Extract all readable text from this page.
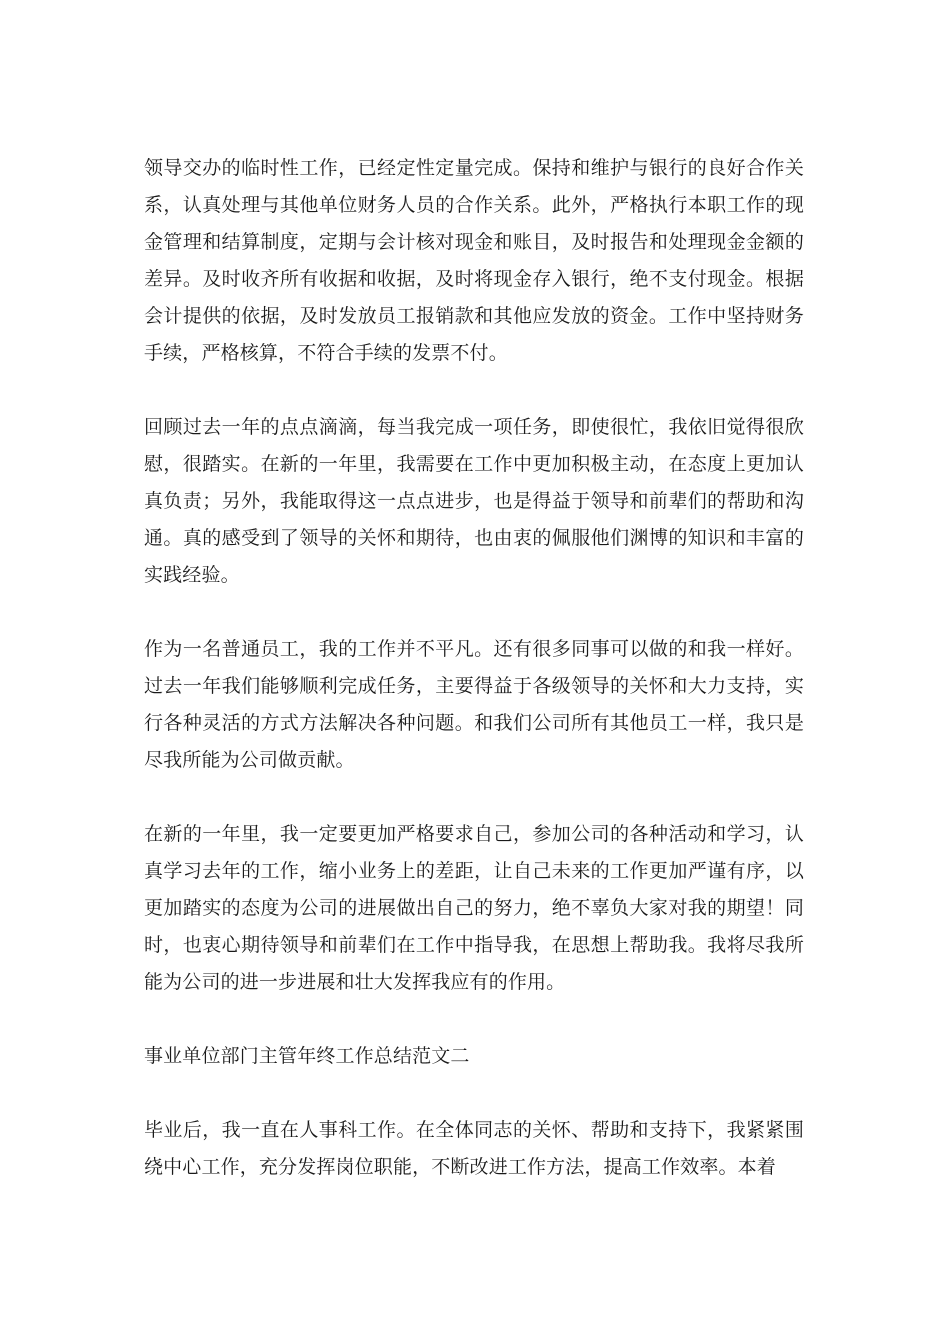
领导交办的临时性工作，已经定性定量完成。保持和维护与银行的良好合作关系，认真处理与其他单位财务人员的合作关系。此外，严格执行本职工作的现金管理和结算制度，定期与会计核对现金和账目，及时报告和处理现金金额的差异。及时收齐所有收据和收据，及时将现金存入银行，绝不支付现金。根据会计提供的依据，及时发放员工报销款和其他应发放的资金。工作中坚持财务手续，严格核算，不符合手续的发票不付。

回顾过去一年的点点滴滴，每当我完成一项任务，即使很忙，我依旧觉得很欣慰，很踏实。在新的一年里，我需要在工作中更加积极主动，在态度上更加认真负责；另外，我能取得这一点点进步，也是得益于领导和前辈们的帮助和沟通。真的感受到了领导的关怀和期待，也由衷的佩服他们渊博的知识和丰富的实践经验。

作为一名普通员工，我的工作并不平凡。还有很多同事可以做的和我一样好。过去一年我们能够顺利完成任务，主要得益于各级领导的关怀和大力支持，实行各种灵活的方式方法解决各种问题。和我们公司所有其他员工一样，我只是尽我所能为公司做贡献。

在新的一年里，我一定要更加严格要求自己，参加公司的各种活动和学习，认真学习去年的工作，缩小业务上的差距，让自己未来的工作更加严谨有序，以更加踏实的态度为公司的进展做出自己的努力，绝不辜负大家对我的期望！同时，也衷心期待领导和前辈们在工作中指导我，在思想上帮助我。我将尽我所能为公司的进一步进展和壮大发挥我应有的作用。

事业单位部门主管年终工作总结范文二

毕业后，我一直在人事科工作。在全体同志的关怀、帮助和支持下，我紧紧围绕中心工作，充分发挥岗位职能，不断改进工作方法，提高工作效率。本着
